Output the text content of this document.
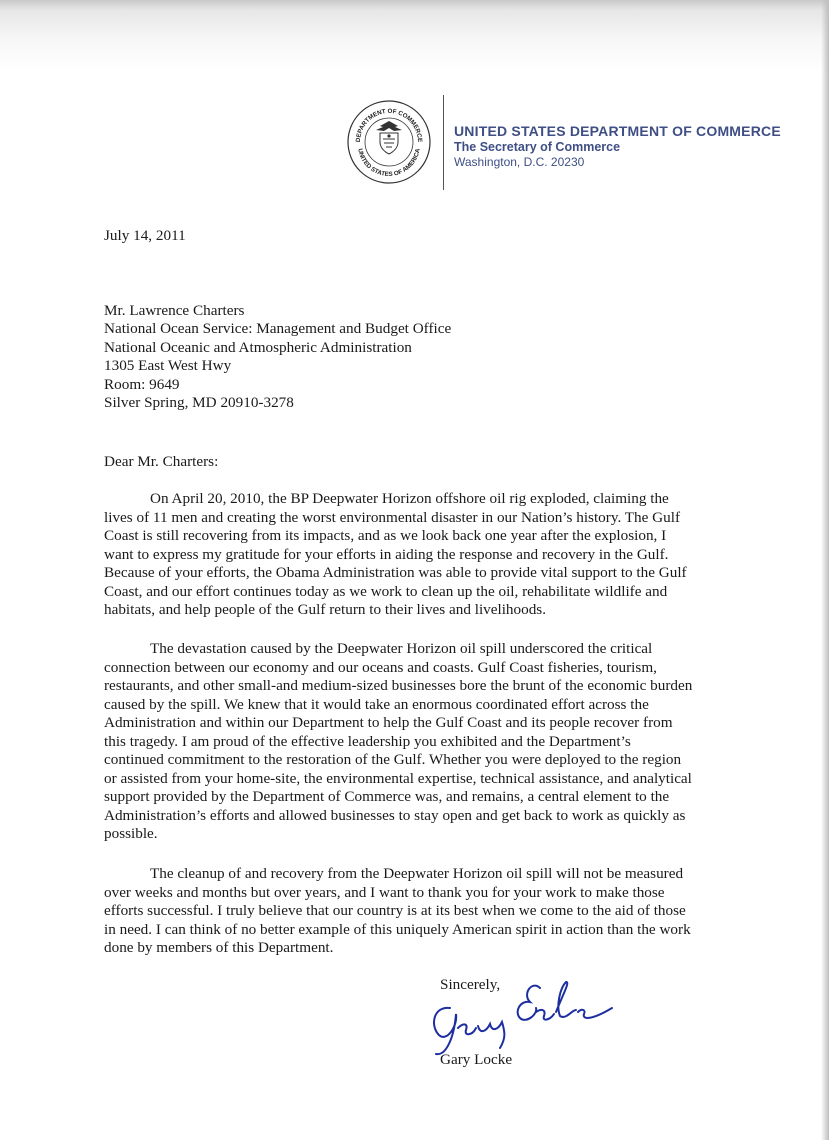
DEPARTMENT OF COMMERCE
UNITED STATES OF AMERICA
UNITED STATES DEPARTMENT OF COMMERCE
The Secretary of Commerce
Washington, D.C. 20230
July 14, 2011
Mr. Lawrence Charters
National Ocean Service: Management and Budget Office
National Oceanic and Atmospheric Administration
1305 East West Hwy
Room: 9649
Silver Spring, MD 20910-3278
Dear Mr. Charters:

On April 20, 2010, the BP Deepwater Horizon offshore oil rig exploded, claiming the
lives of 11 men and creating the worst environmental disaster in our Nation’s history. The Gulf
Coast is still recovering from its impacts, and as we look back one year after the explosion, I
want to express my gratitude for your efforts in aiding the response and recovery in the Gulf.
Because of your efforts, the Obama Administration was able to provide vital support to the Gulf
Coast, and our effort continues today as we work to clean up the oil, rehabilitate wildlife and
habitats, and help people of the Gulf return to their lives and livelihoods.

The devastation caused by the Deepwater Horizon oil spill underscored the critical
connection between our economy and our oceans and coasts. Gulf Coast fisheries, tourism,
restaurants, and other small-and medium-sized businesses bore the brunt of the economic burden
caused by the spill. We knew that it would take an enormous coordinated effort across the
Administration and within our Department to help the Gulf Coast and its people recover from
this tragedy. I am proud of the effective leadership you exhibited and the Department’s
continued commitment to the restoration of the Gulf. Whether you were deployed to the region
or assisted from your home-site, the environmental expertise, technical assistance, and analytical
support provided by the Department of Commerce was, and remains, a central element to the
Administration’s efforts and allowed businesses to stay open and get back to work as quickly as
possible.

The cleanup of and recovery from the Deepwater Horizon oil spill will not be measured
over weeks and months but over years, and I want to thank you for your work to make those
efforts successful. I truly believe that our country is at its best when we come to the aid of those
in need. I can think of no better example of this uniquely American spirit in action than the work
done by members of this Department.

Sincerely,
Gary Locke
